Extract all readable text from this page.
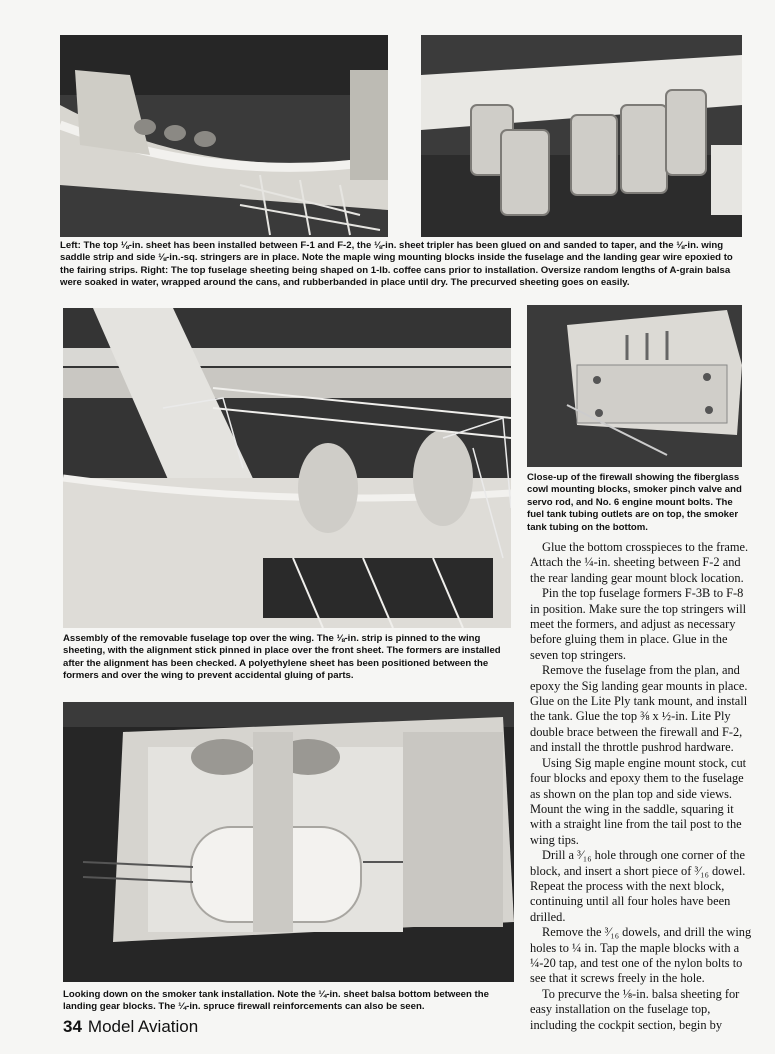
Left: The top ⅛-in. sheet has been installed between F-1 and F-2, the ⅛-in. sheet tripler has been glued on and sanded to taper, and the ⅛-in. wing saddle strip and side ⅛-in.-sq. stringers are in place. Note the maple wing mounting blocks inside the fuselage and the landing gear wire epoxied to the fairing strips. Right: The top fuselage sheeting being shaped on 1-lb. coffee cans prior to installation. Oversize random lengths of A-grain balsa were soaked in water, wrapped around the cans, and rubberbanded in place until dry. The precurved sheeting goes on easily.

Close-up of the firewall showing the fiberglass cowl mounting blocks, smoker pinch valve and servo rod, and No. 6 engine mount bolts. The fuel tank tubing outlets are on top, the smoker tank tubing on the bottom.

Assembly of the removable fuselage top over the wing. The ⅛-in. strip is pinned to the wing sheeting, with the alignment stick pinned in place over the front sheet. The formers are installed after the alignment has been checked. A polyethylene sheet has been positioned between the formers and over the wing to prevent accidental gluing of parts.

Looking down on the smoker tank installation. Note the ¼-in. sheet balsa bottom between the landing gear blocks. The ¼-in. spruce firewall reinforcements can also be seen.

Glue the bottom crosspieces to the frame. Attach the ¼-in. sheeting between F-2 and the rear landing gear mount block location.

Pin the top fuselage formers F-3B to F-8 in position. Make sure the top stringers will meet the formers, and adjust as necessary before gluing them in place. Glue in the seven top stringers.

Remove the fuselage from the plan, and epoxy the Sig landing gear mounts in place. Glue on the Lite Ply tank mount, and install the tank. Glue the top ⅜ x ½-in. Lite Ply double brace between the firewall and F-2, and install the throttle pushrod hardware.

Using Sig maple engine mount stock, cut four blocks and epoxy them to the fuselage as shown on the plan top and side views. Mount the wing in the saddle, squaring it with a straight line from the tail post to the wing tips.

Drill a ³⁄₁₆ hole through one corner of the block, and insert a short piece of ³⁄₁₆ dowel. Repeat the process with the next block, continuing until all four holes have been drilled.

Remove the ³⁄₁₆ dowels, and drill the wing holes to ¼ in. Tap the maple blocks with a ¼-20 tap, and test one of the nylon bolts to see that it screws freely in the hole.

To precurve the ⅛-in. balsa sheeting for easy installation on the fuselage top, including the cockpit section, begin by

34 Model Aviation
